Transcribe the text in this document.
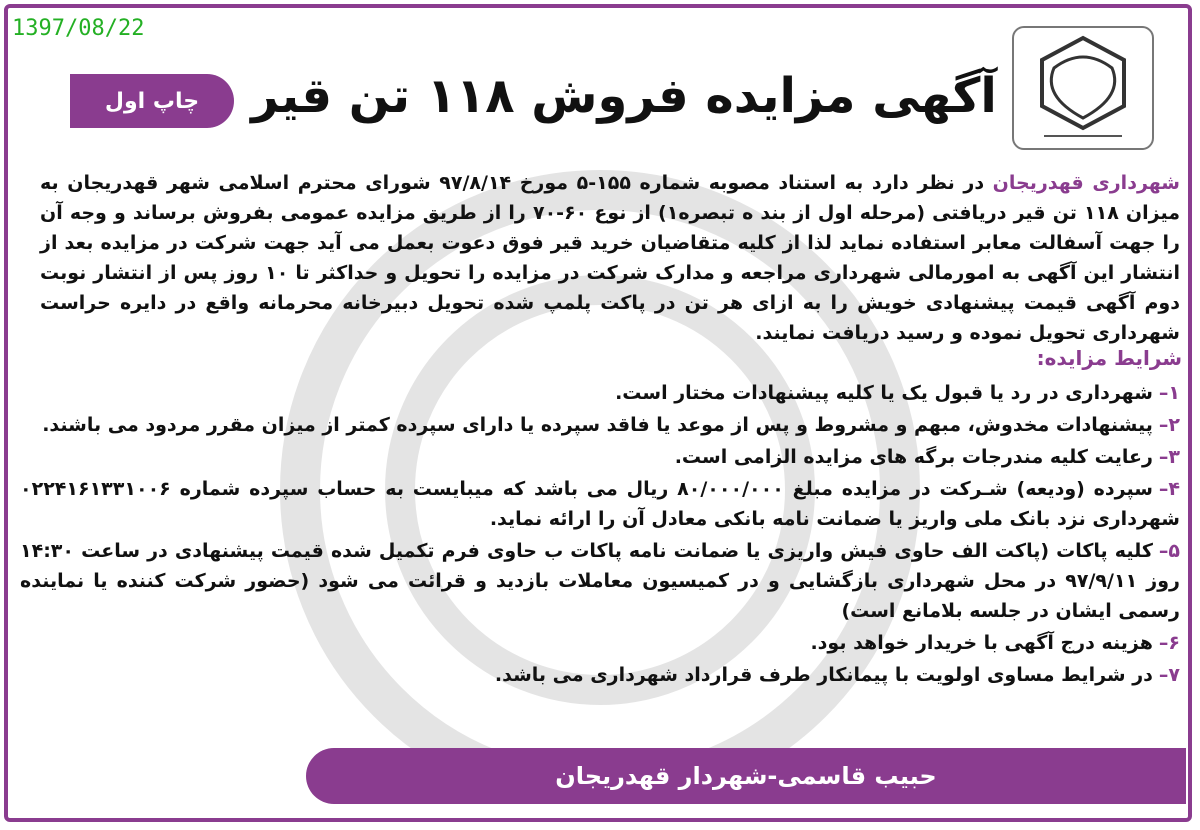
1397/08/22
چاپ اول	آگهی مزایده فروش ۱۱۸ تن قیر
شهرداری قهدریجان در نظر دارد به استناد مصوبه شماره ۱۵۵-۵ مورخ ۹۷/۸/۱۴ شورای محترم اسلامی شهر قهدریجان به میزان ۱۱۸ تن قیر دریافتی (مرحله اول از بند ه تبصره۱) از نوع ۶۰-۷۰ را از طریق مزایده عمومی بفروش برساند و وجه آن را جهت آسفالت معابر استفاده نماید لذا از کلیه متقاضیان خرید قیر فوق دعوت بعمل می آید جهت شرکت در مزایده بعد از انتشار این آگهی به امورمالی شهرداری مراجعه و مدارک شرکت در مزایده را تحویل و حداکثر تا ۱۰ روز پس از انتشار نوبت دوم آگهی قیمت پیشنهادی خویش را به ازای هر تن در پاکت پلمپ شده تحویل دبیرخانه محرمانه واقع در دایره حراست شهرداری تحویل نموده و رسید دریافت نمایند.
شرایط مزایده:
۱–شهرداری در رد یا قبول یک یا کلیه پیشنهادات مختار است.
۲–پیشنهادات مخدوش، مبهم و مشروط و پس از موعد یا فاقد سپرده یا دارای سپرده کمتر از میزان مقرر مردود می باشند.
۳–رعایت کلیه مندرجات برگه های مزایده الزامی است.
۴–سپرده (ودیعه) شـرکت در مزایده مبلغ ۸۰/۰۰۰/۰۰۰ ریال می باشد که میبایست به حساب سپرده شماره ۰۲۲۴۱۶۱۳۳۱۰۰۶ شهرداری نزد بانک ملی واریز یا ضمانت نامه بانکی معادل آن را ارائه نماید.
۵–کلیه پاکات (پاکت الف حاوی فیش واریزی یا ضمانت نامه پاکات ب حاوی فرم تکمیل شده قیمت پیشنهادی در ساعت ۱۴:۳۰ روز ۹۷/۹/۱۱ در محل شهرداری بازگشایی و در کمیسیون معاملات بازدید و قرائت می شود (حضور شرکت کننده یا نماینده رسمی ایشان در جلسه بلامانع است)
۶–هزینه درج آگهی با خریدار خواهد بود.
۷–در شرایط مساوی اولویت با پیمانکار طرف قرارداد شهرداری می باشد.
حبیب قاسمی-شهردار قهدریجان
